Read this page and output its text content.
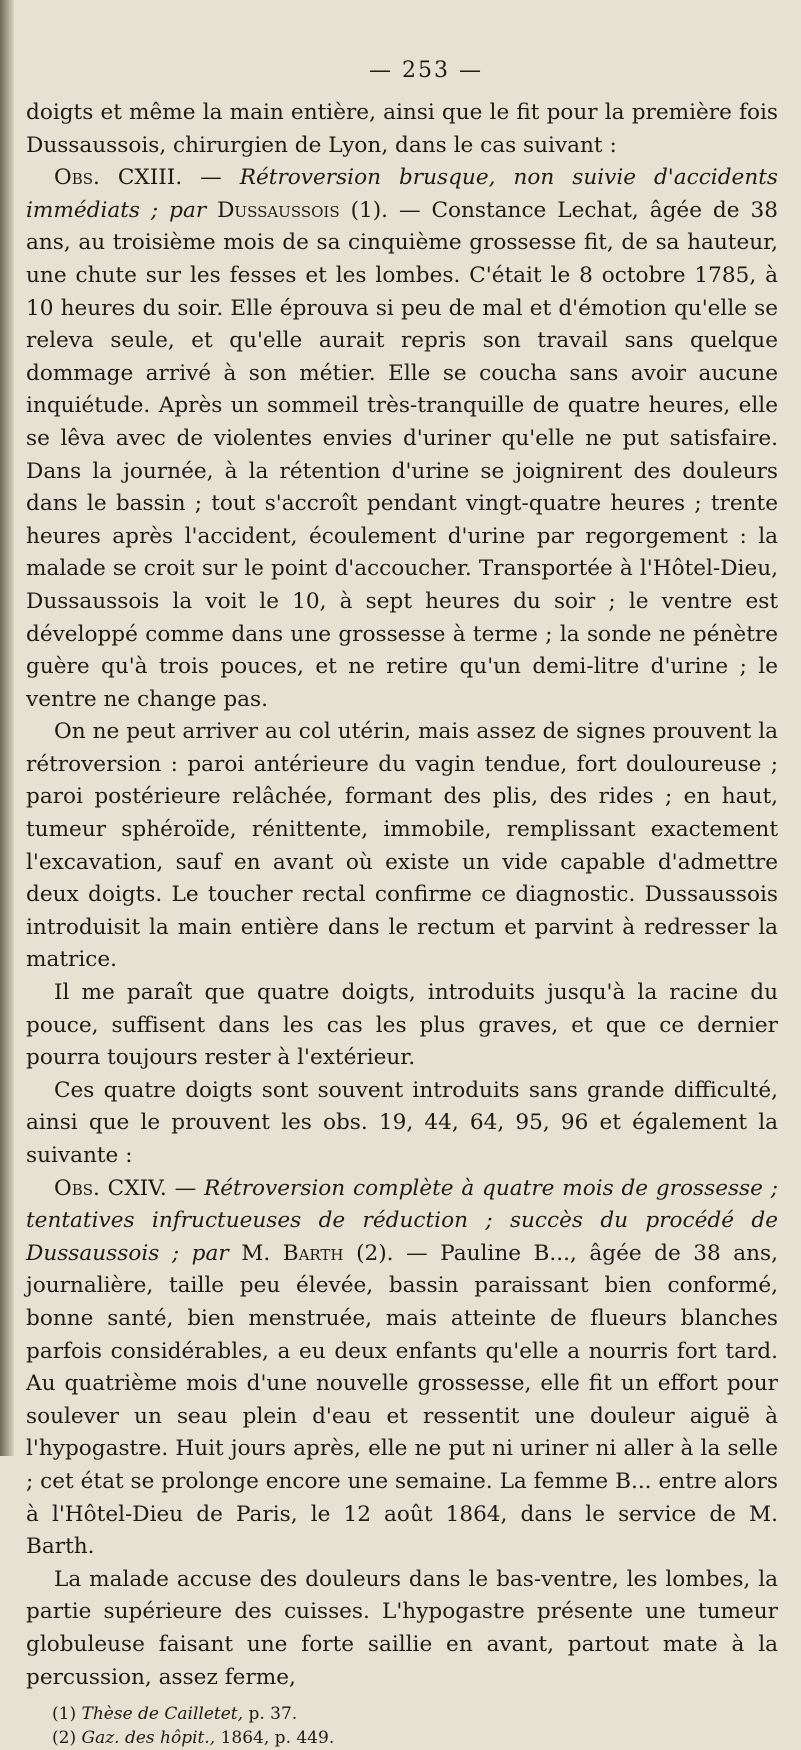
— 253 —

doigts et même la main entière, ainsi que le fit pour la première fois Dussaussois, chirurgien de Lyon, dans le cas suivant :

Obs. CXIII. — Rétroversion brusque, non suivie d'accidents immédiats ; par Dussaussois (1). — Constance Lechat, âgée de 38 ans, au troisième mois de sa cinquième grossesse fit, de sa hauteur, une chute sur les fesses et les lombes. C'était le 8 octobre 1785, à 10 heures du soir. Elle éprouva si peu de mal et d'émotion qu'elle se releva seule, et qu'elle aurait repris son travail sans quelque dommage arrivé à son métier. Elle se coucha sans avoir aucune inquiétude. Après un sommeil très-tranquille de quatre heures, elle se lêva avec de violentes envies d'uriner qu'elle ne put satisfaire. Dans la journée, à la rétention d'urine se joignirent des douleurs dans le bassin ; tout s'accroît pendant vingt-quatre heures ; trente heures après l'accident, écoulement d'urine par regorgement : la malade se croit sur le point d'accoucher. Transportée à l'Hôtel-Dieu, Dussaussois la voit le 10, à sept heures du soir ; le ventre est développé comme dans une grossesse à terme ; la sonde ne pénètre guère qu'à trois pouces, et ne retire qu'un demi-litre d'urine ; le ventre ne change pas.

On ne peut arriver au col utérin, mais assez de signes prouvent la rétroversion : paroi antérieure du vagin tendue, fort douloureuse ; paroi postérieure relâchée, formant des plis, des rides ; en haut, tumeur sphéroïde, rénittente, immobile, remplissant exactement l'excavation, sauf en avant où existe un vide capable d'admettre deux doigts. Le toucher rectal confirme ce diagnostic. Dussaussois introduisit la main entière dans le rectum et parvint à redresser la matrice.

Il me paraît que quatre doigts, introduits jusqu'à la racine du pouce, suffisent dans les cas les plus graves, et que ce dernier pourra toujours rester à l'extérieur.

Ces quatre doigts sont souvent introduits sans grande difficulté, ainsi que le prouvent les obs. 19, 44, 64, 95, 96 et également la suivante :

Obs. CXIV. — Rétroversion complète à quatre mois de grossesse ; tentatives infructueuses de réduction ; succès du procédé de Dussaussois ; par M. Barth (2). — Pauline B..., âgée de 38 ans, journalière, taille peu élevée, bassin paraissant bien conformé, bonne santé, bien menstruée, mais atteinte de flueurs blanches parfois considérables, a eu deux enfants qu'elle a nourris fort tard. Au quatrième mois d'une nouvelle grossesse, elle fit un effort pour soulever un seau plein d'eau et ressentit une douleur aiguë à l'hypogastre. Huit jours après, elle ne put ni uriner ni aller à la selle ; cet état se prolonge encore une semaine. La femme B... entre alors à l'Hôtel-Dieu de Paris, le 12 août 1864, dans le service de M. Barth.

La malade accuse des douleurs dans le bas-ventre, les lombes, la partie supérieure des cuisses. L'hypogastre présente une tumeur globuleuse faisant une forte saillie en avant, partout mate à la percussion, assez ferme,

(1) Thèse de Cailletet, p. 37.

(2) Gaz. des hôpit., 1864, p. 449.
